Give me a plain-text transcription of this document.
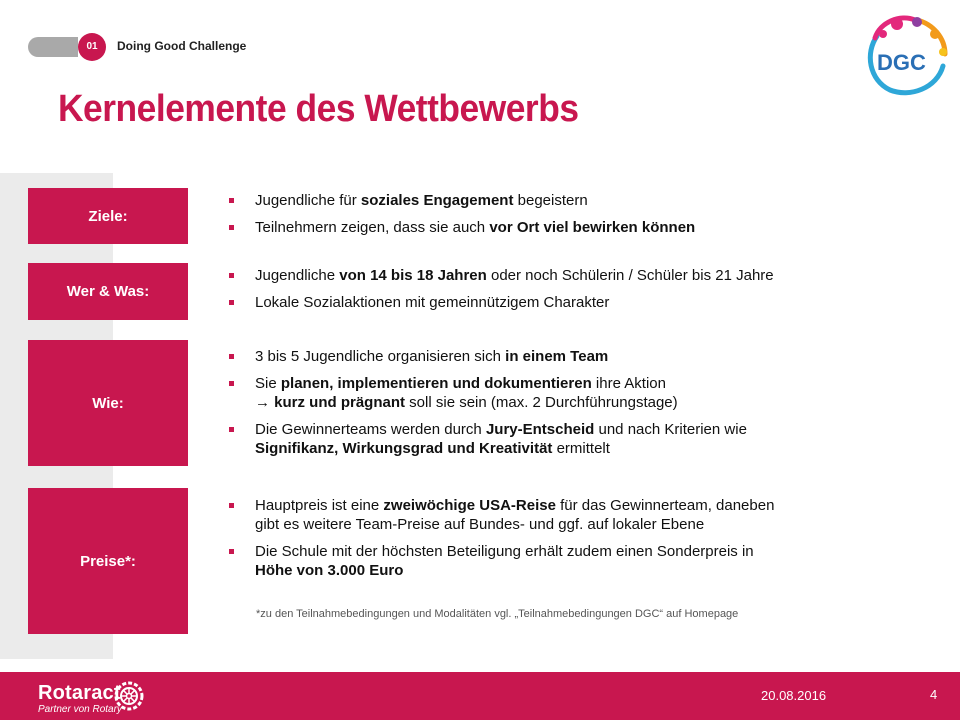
01	Doing Good Challenge
Kernelemente des Wettbewerbs
DGC
Ziele:
Wer & Was:
Wie:
Preise*:
Jugendliche für soziales Engagement begeistern
Teilnehmern zeigen, dass sie auch vor Ort viel bewirken können
Jugendliche von 14 bis 18 Jahren oder noch Schülerin / Schüler bis 21 Jahre
Lokale Sozialaktionen mit gemeinnützigem Charakter
3 bis 5 Jugendliche organisieren sich in einem Team
Sie planen, implementieren und dokumentieren ihre Aktion
→ kurz und prägnant soll sie sein (max. 2 Durchführungstage)
Die Gewinnerteams werden durch Jury-Entscheid und nach Kriterien wie
Signifikanz, Wirkungsgrad und Kreativität ermittelt
Hauptpreis ist eine zweiwöchige USA-Reise für das Gewinnerteam, daneben
gibt es weitere Team-Preise auf Bundes- und ggf. auf lokaler Ebene
Die Schule mit der höchsten Beteiligung erhält zudem einen Sonderpreis in
Höhe von 3.000 Euro
*zu den Teilnahmebedingungen und Modalitäten vgl. „Teilnahmebedingungen DGC“ auf Homepage
Rotaract
Partner von Rotary
20.08.2016	4
